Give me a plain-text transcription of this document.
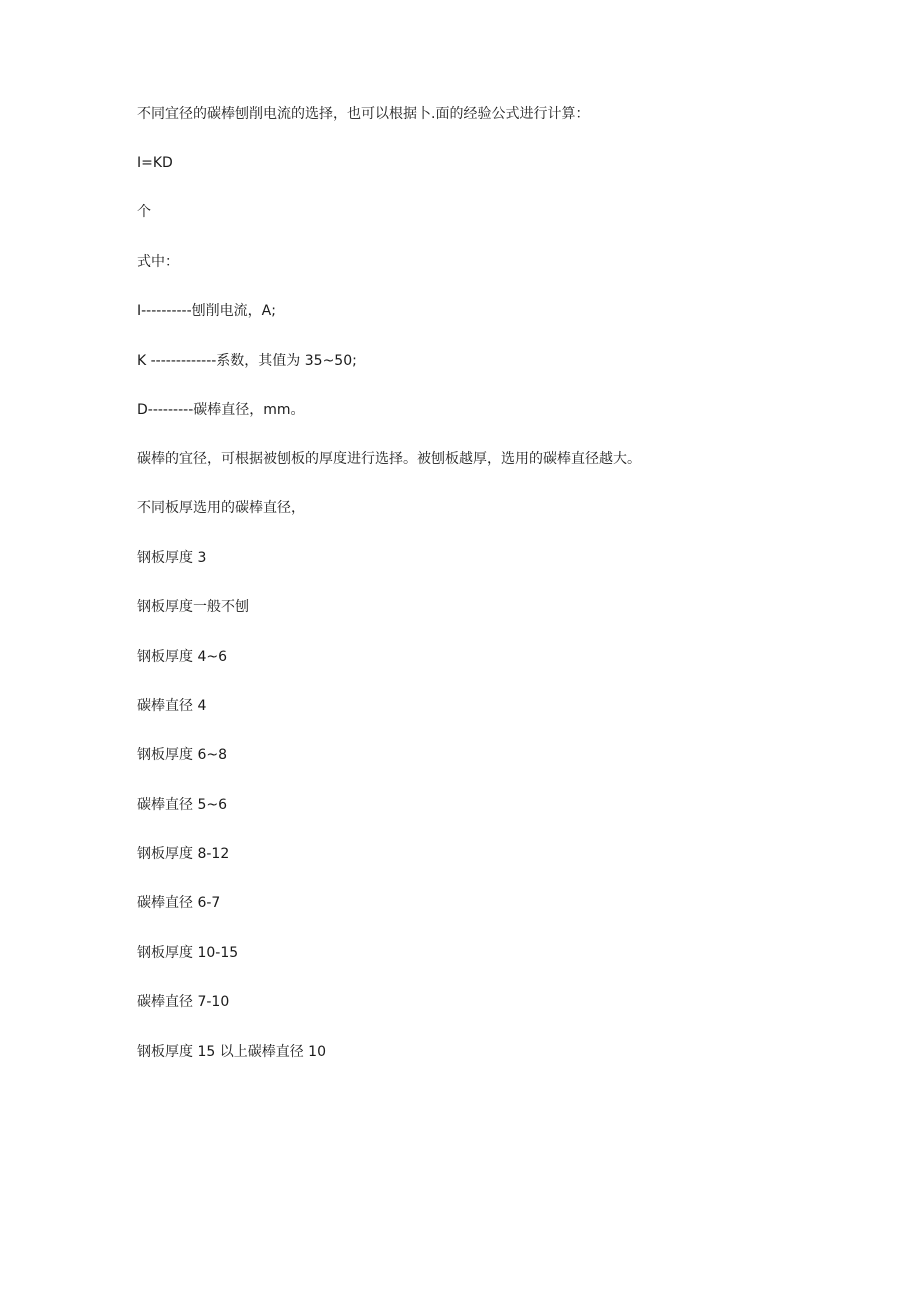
不同宜径的碳棒刨削电流的选择，也可以根据卜.面的经验公式进行计算：

I=KD

个

式中：

I----------刨削电流，A;

K -------------系数，其值为 35~50;

D---------碳棒直径，mm。

碳棒的宜径，可根据被刨板的厚度进行选择。被刨板越厚，选用的碳棒直径越大。

不同板厚选用的碳棒直径，

钢板厚度 3

钢板厚度一般不刨

钢板厚度 4~6

碳棒直径 4

钢板厚度 6~8

碳棒直径 5~6

钢板厚度 8-12

碳棒直径 6-7

钢板厚度 10-15

碳棒直径 7-10

钢板厚度 15 以上碳棒直径 10
